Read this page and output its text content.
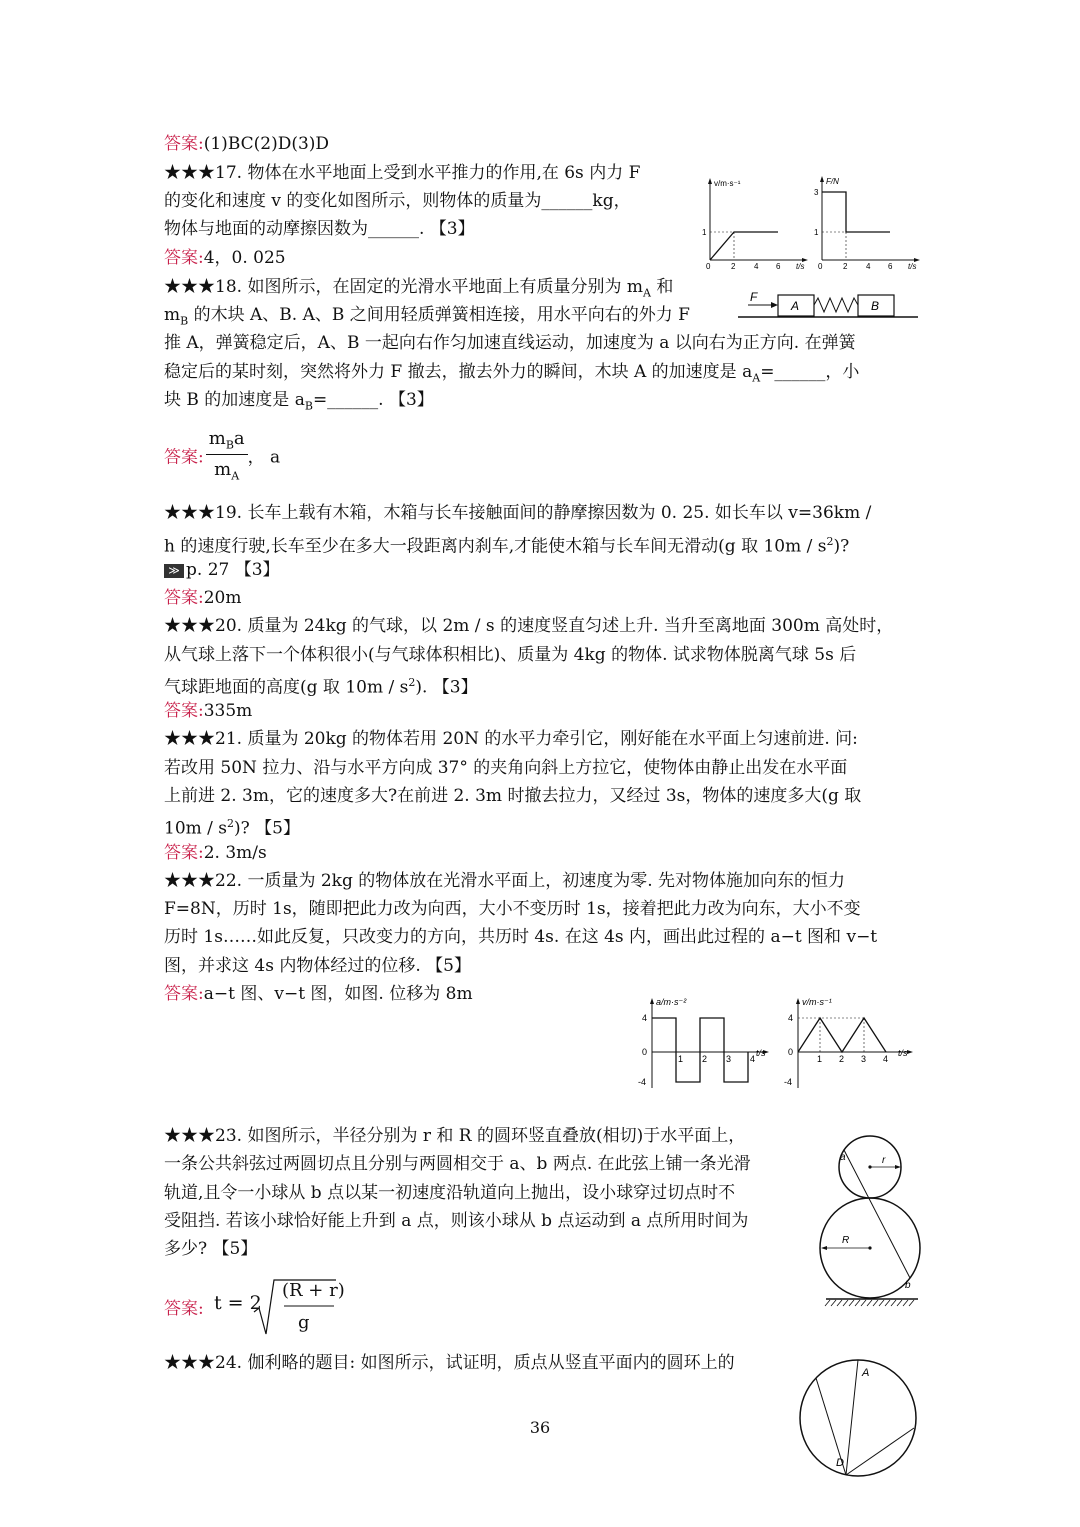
答案:(1)BC(2)D(3)D
★★★17. 物体在水平地面上受到水平推力的作用,在 6s 内力 F
的变化和速度 v 的变化如图所示，则物体的质量为______kg，
物体与地面的动摩擦因数为______. 【3】
答案:4，0. 025
v/m·s⁻¹
1
0	2 4 6 t/s
F/N
3
1
0	2 4 6 t/s
★★★18. 如图所示，在固定的光滑水平地面上有质量分别为 $m_A$ 和
$m_B$ 的木块 A、B. A、B 之间用轻质弹簧相连接，用水平向右的外力 F
推 A，弹簧稳定后，A、B 一起向右作匀加速直线运动，加速度为 a 以向右为正方向. 在弹簧
稳定后的某时刻，突然将外力 F 撤去，撤去外力的瞬间，木块 A 的加速度是 $a_A=\_\_\_\_\_\_$，小
块 B 的加速度是 $a_B=\_\_\_\_\_\_$. 【3】
F
A	B
答案: $\frac{m_Ba}{m_A}$ ， a
★★★19. 长车上载有木箱，木箱与长车接触面间的静摩擦因数为 0. 25. 如长车以 v=36km /
h 的速度行驶,长车至少在多大一段距离内刹车,才能使木箱与长车间无滑动(g 取 $10m / s^2$)?
≫ p. 27 【3】
答案:20m
★★★20. 质量为 24kg 的气球，以 2m / s 的速度竖直匀述上升. 当升至离地面 300m 高处时，
从气球上落下一个体积很小(与气球体积相比)、质量为 4kg 的物体. 试求物体脱离气球 5s 后
气球距地面的高度(g 取 $10m / s^2$). 【3】
答案:335m
★★★21. 质量为 20kg 的物体若用 20N 的水平力牵引它，刚好能在水平面上匀速前进. 问:
若改用 50N 拉力、沿与水平方向成 37° 的夹角向斜上方拉它，使物体由静止出发在水平面
上前进 2. 3m，它的速度多大?在前进 2. 3m 时撤去拉力，又经过 3s，物体的速度多大(g 取
$10m / s^2$)? 【5】
答案:2. 3m/s
★★★22. 一质量为 2kg 的物体放在光滑水平面上，初速度为零. 先对物体施加向东的恒力
F=8N，历时 1s，随即把此力改为向西，大小不变历时 1s，接着把此力改为向东，大小不变
历时 1s……如此反复，只改变力的方向，共历时 4s. 在这 4s 内，画出此过程的 a−t 图和 v−t
图，并求这 4s 内物体经过的位移. 【5】
答案:a−t 图、v−t 图，如图. 位移为 8m	a/m·s⁻²
4
0
-4
1 2 3 4
t/s
v/m·s⁻¹
4
0
-4
1 2 3 4
t/s
★★★23. 如图所示，半径分别为 r 和 R 的圆环竖直叠放(相切)于水平面上，
一条公共斜弦过两圆切点且分别与两圆相交于 a、b 两点. 在此弦上铺一条光滑
轨道,且令一小球从 b 点以某一初速度沿轨道向上抛出，设小球穿过切点时不
受阻挡. 若该小球恰好能上升到 a 点，则该小球从 b 点运动到 a 点所用时间为
多少? 【5】
答案: t = 2
(R + r)
g
a	r
R
b
★★★24. 伽利略的题目: 如图所示，试证明，质点从竖直平面内的圆环上的	A
D
36
